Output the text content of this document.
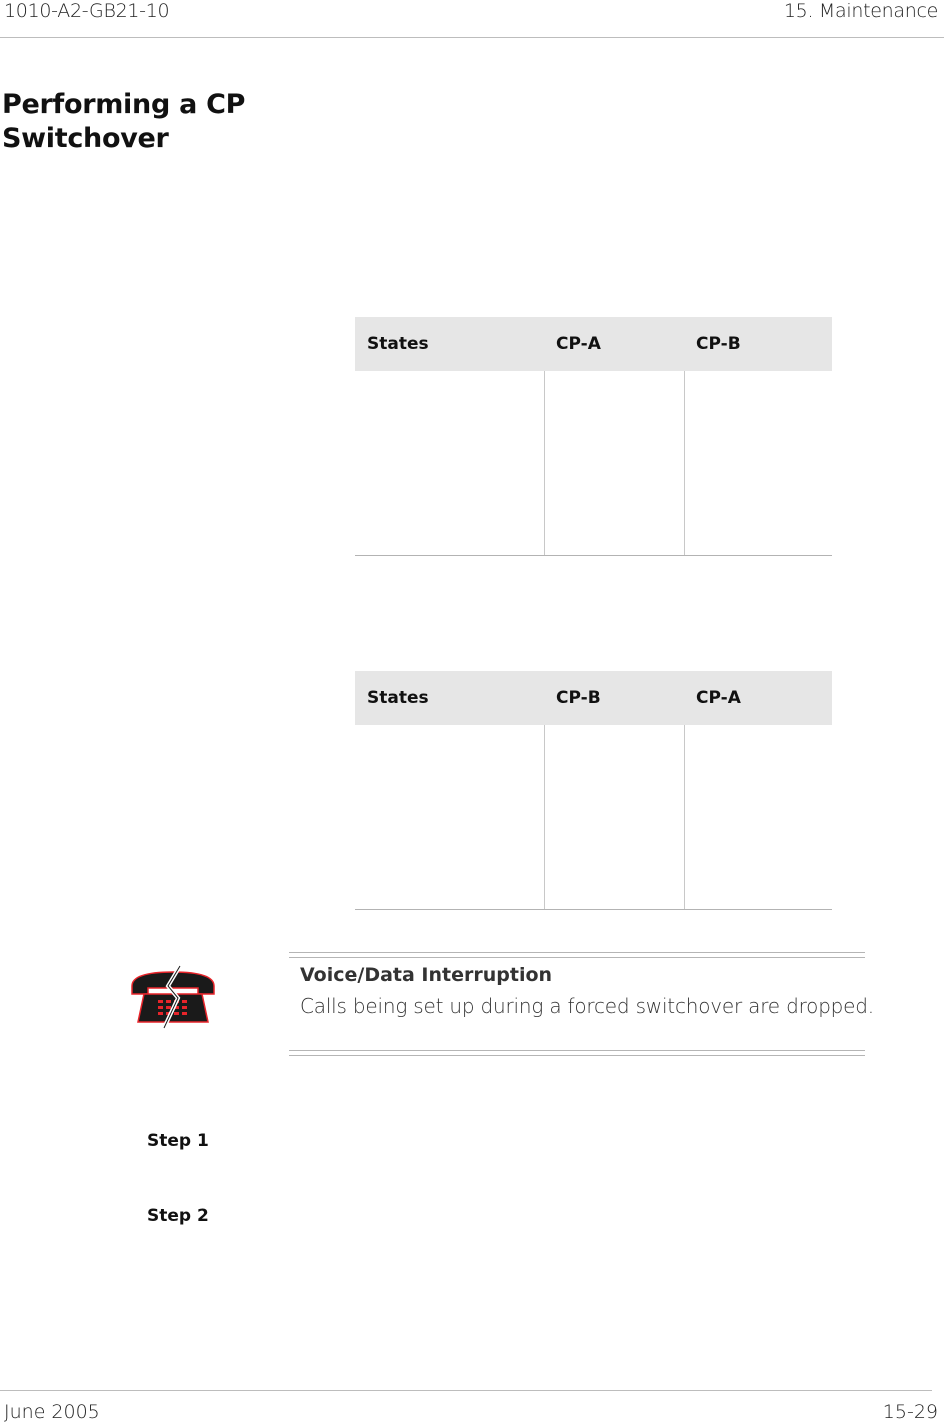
1010-A2-GB21-10	15. Maintenance
Performing a CP Switchover
States	CP-A	CP-B

States	CP-B	CP-A

Voice/Data Interruption
Calls being set up during a forced switchover are dropped.
Step 1
Step 2
June 2005	15-29
